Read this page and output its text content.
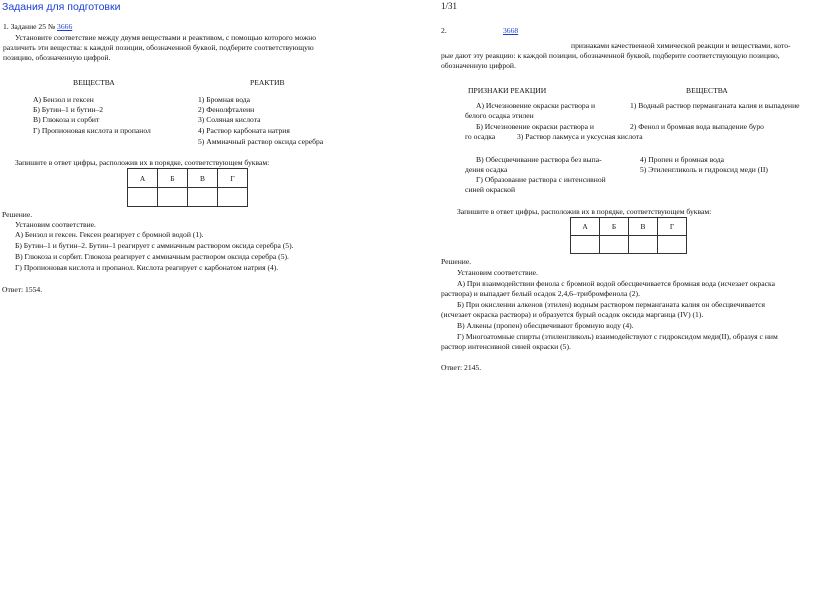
Задания для подготовки
1. Задание 25 № 3666
Установите соответствие между двумя веществами и реактивом, с помощью которого можно
различить эти вещества: к каждой позиции, обозначенной буквой, подберите соответствующую
позицию, обозначенную цифрой.
ВЕЩЕСТВА	РЕАКТИВ
А) Бензол и гексен
Б) Бутин–1 и бутин–2
В) Глюкоза и сорбит
Г) Пропионовая кислота и пропанол
1) Бромная вода
2) Фенолфталеин
3) Соляная кислота
4) Раствор карбоната натрия
5) Аммиачный раствор оксида серебра
Запишите в ответ цифры, расположив их в порядке, соответствующем буквам:
А	Б	В	Г

Решение.
Установим соответствие.
А) Бензол и гексен. Гексен реагирует с бромной водой (1).
Б) Бутин–1 и бутин–2. Бутин–1 реагирует с аммиачным раствором оксида серебра (5).
В) Глюкоза и сорбит. Глюкоза реагирует с аммиачным раствором оксида серебра (5).
Г) Пропионовая кислота и пропанол. Кислота реагирует с карбонатом натрия (4).
Ответ: 1554.
1/31
2.	3668
признаками качественной химической реакции и веществами, кото-
рые дают эту реакцию: к каждой позиции, обозначенной буквой, подберите соответствующую позицию,
обозначенную цифрой.
ПРИЗНАКИ РЕАКЦИИ	ВЕЩЕСТВА
А) Исчезновение окраски раствора и	1) Водный раствор перманганата калия и выпадение
белого осадка этилен
Б) Исчезновение окраски раствора и	2) Фенол и бромная вода выпадение буро
го осадка	3) Раствор лакмуса и уксусная кислота
В) Обесцвечивание раствора без выпа-	4) Пропен и бромная вода
дения осадка	5) Этиленгликоль и гидроксид меди (II)
Г) Образование раствора с интенсивной
синей окраской
Запишите в ответ цифры, расположив их в порядке, соответствующем буквам:
А	Б	В	Г

Решение.
Установим соответствие.
А) При взаимодействии фенола с бромной водой обесцвечивается бромная вода (исчезает окраска
раствора) и выпадает белый осадок 2,4,6–трибромфенола (2).
Б) При окислении алкенов (этилен) водным раствором перманганата калия он обесцвечивается
(исчезает окраска раствора) и образуется бурый осадок оксида марганца (IV) (1).
В) Алкены (пропен) обесцвечивают бромную воду (4).
Г) Многоатомные спирты (этиленгликоль) взаимодействуют с гидроксидом меди(II), образуя с ним
раствор интенсивной синей окраски (5).
Ответ: 2145.
